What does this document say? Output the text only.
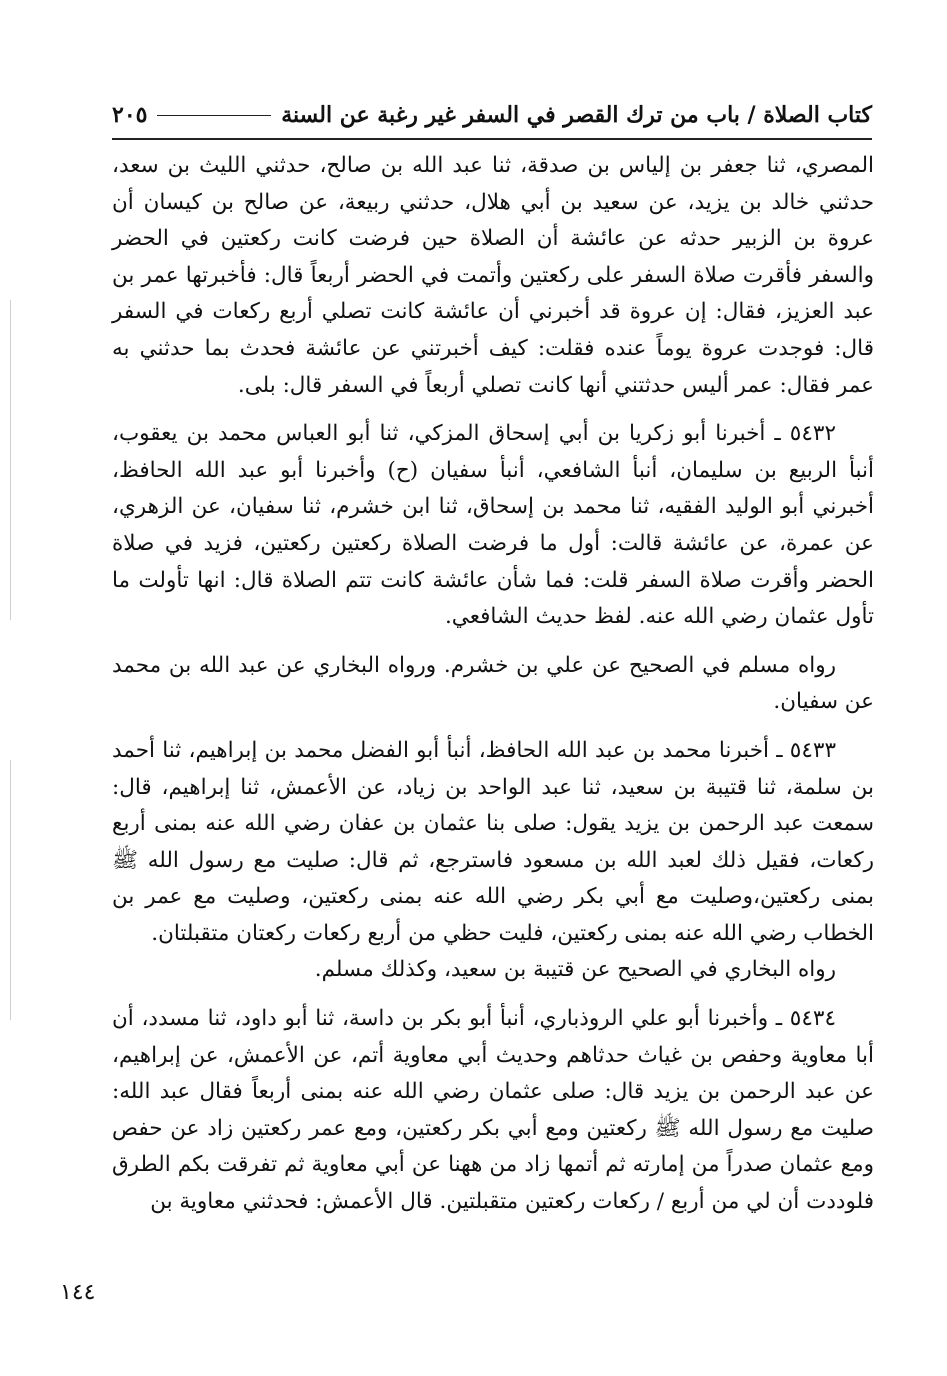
كتاب الصلاة / باب من ترك القصر في السفر غير رغبة عن السنة
٢٠٥

المصري، ثنا جعفر بن إلياس بن صدقة، ثنا عبد الله بن صالح، حدثني الليث بن سعد، حدثني خالد بن يزيد، عن سعيد بن أبي هلال، حدثني ربيعة، عن صالح بن كيسان أن عروة بن الزبير حدثه عن عائشة أن الصلاة حين فرضت كانت ركعتين في الحضر والسفر فأقرت صلاة السفر على ركعتين وأتمت في الحضر أربعاً قال: فأخبرتها عمر بن عبد العزيز، فقال: إن عروة قد أخبرني أن عائشة كانت تصلي أربع ركعات في السفر قال: فوجدت عروة يوماً عنده فقلت: كيف أخبرتني عن عائشة فحدث بما حدثني به عمر فقال: عمر أليس حدثتني أنها كانت تصلي أربعاً في السفر قال: بلى.

٥٤٣٢ ـ أخبرنا أبو زكريا بن أبي إسحاق المزكي، ثنا أبو العباس محمد بن يعقوب، أنبأ الربيع بن سليمان، أنبأ الشافعي، أنبأ سفيان (ح) وأخبرنا أبو عبد الله الحافظ، أخبرني أبو الوليد الفقيه، ثنا محمد بن إسحاق، ثنا ابن خشرم، ثنا سفيان، عن الزهري، عن عمرة، عن عائشة قالت: أول ما فرضت الصلاة ركعتين ركعتين، فزيد في صلاة الحضر وأقرت صلاة السفر قلت: فما شأن عائشة كانت تتم الصلاة قال: انها تأولت ما تأول عثمان رضي الله عنه. لفظ حديث الشافعي.

رواه مسلم في الصحيح عن علي بن خشرم. ورواه البخاري عن عبد الله بن محمد عن سفيان.

٥٤٣٣ ـ أخبرنا محمد بن عبد الله الحافظ، أنبأ أبو الفضل محمد بن إبراهيم، ثنا أحمد بن سلمة، ثنا قتيبة بن سعيد، ثنا عبد الواحد بن زياد، عن الأعمش، ثنا إبراهيم، قال: سمعت عبد الرحمن بن يزيد يقول: صلى بنا عثمان بن عفان رضي الله عنه بمنى أربع ركعات، فقيل ذلك لعبد الله بن مسعود فاسترجع، ثم قال: صليت مع رسول الله ﷺ بمنى ركعتين،وصليت مع أبي بكر رضي الله عنه بمنى ركعتين، وصليت مع عمر بن الخطاب رضي الله عنه بمنى ركعتين، فليت حظي من أربع ركعات ركعتان متقبلتان.

رواه البخاري في الصحيح عن قتيبة بن سعيد، وكذلك مسلم.

٥٤٣٤ ـ وأخبرنا أبو علي الروذباري، أنبأ أبو بكر بن داسة، ثنا أبو داود، ثنا مسدد، أن أبا معاوية وحفص بن غياث حدثاهم وحديث أبي معاوية أتم، عن الأعمش، عن إبراهيم، عن عبد الرحمن بن يزيد قال: صلى عثمان رضي الله عنه بمنى أربعاً فقال عبد الله: صليت مع رسول الله ﷺ ركعتين ومع أبي بكر ركعتين، ومع عمر ركعتين زاد عن حفص ومع عثمان صدراً من إمارته ثم أتمها زاد من ههنا عن أبي معاوية ثم تفرقت بكم الطرق فلوددت أن لي من أربع / ركعات ركعتين متقبلتين. قال الأعمش: فحدثني معاوية بن

١٤٤
